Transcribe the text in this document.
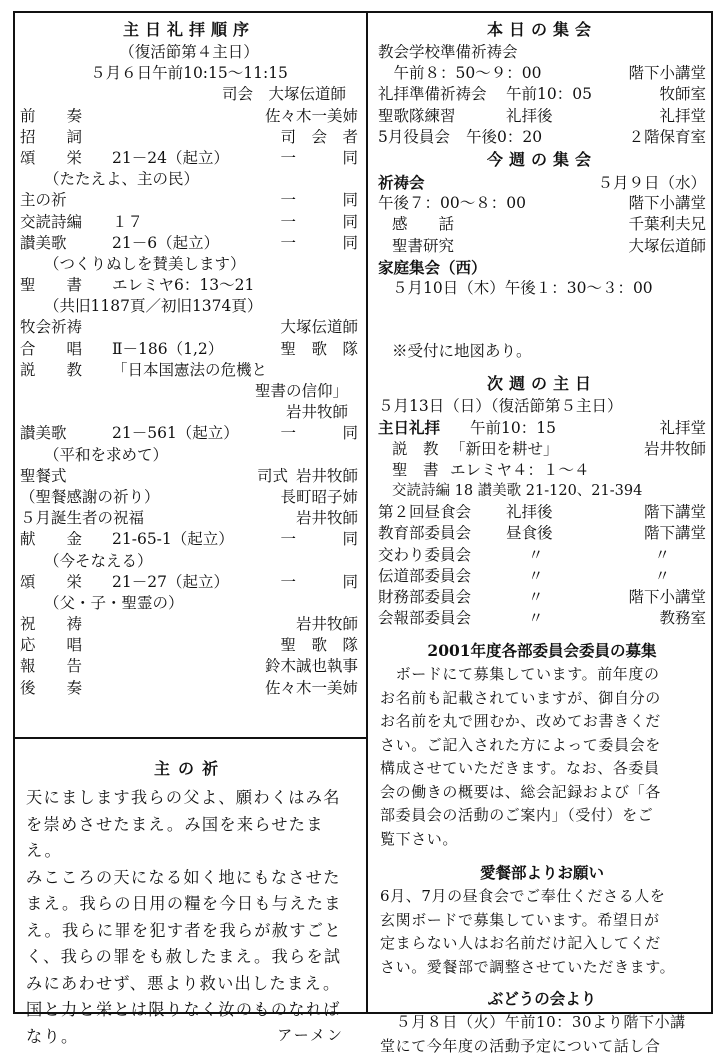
主日礼拝順序
（復活節第４主日）
５月６日午前10:15～11:15
司会　大塚伝道師
前　　奏	佐々木一美姉
招　　詞	司　会　者
頌　　栄	21－24（起立）	一　　　同
（たたえよ、主の民）
主の祈	一　　　同
交読詩編	１７	一　　　同
讃美歌	21－6（起立）	一　　　同
（つくりぬしを賛美します）
聖　　書	エレミヤ6：13～21
（共旧1187頁／初旧1374頁）
牧会祈祷	大塚伝道師
合　　唱	Ⅱ－186（1,2）	聖　歌　隊
説　　教	「日本国憲法の危機と
聖書の信仰」
岩井牧師
讃美歌	21－561（起立）	一　　　同
（平和を求めて）
聖餐式	司式 岩井牧師
（聖餐感謝の祈り）	長町昭子姉
５月誕生者の祝福	岩井牧師
献　　金	21-65-1（起立）	一　　　同
（今そなえる）
頌　　栄	21－27（起立）	一　　　同
（父・子・聖霊の）
祝　　祷	岩井牧師
応　　唱	聖　歌　隊
報　　告	鈴木誠也執事
後　　奏	佐々木一美姉
主の祈
天にまします我らの父よ、願わくはみ名
を崇めさせたまえ。み国を来らせたまえ。
みこころの天になる如く地にもなさせた
まえ。我らの日用の糧を今日も与えたま
え。我らに罪を犯す者を我らが赦すごと
く、我らの罪をも赦したまえ。我らを試
みにあわせず、悪より救い出したまえ。
国と力と栄とは限りなく汝のものなれば
なり。	アーメン
本日の集会
教会学校準備祈祷会
　午前８：50～９：00	階下小講堂
礼拝準備祈祷会	午前10：05	牧師室
聖歌隊練習	礼拝後	礼拝堂
5月役員会	午後0：20	２階保育室
今週の集会
祈祷会	５月９日（水）
午後７：00～８：00	階下小講堂
感　　話	千葉利夫兄
聖書研究	大塚伝道師
家庭集会（西）
５月10日（木）午後１：30～３：00
※受付に地図あり。
次週の主日
５月13日（日）（復活節第５主日）
主日礼拝	午前10：15	礼拝堂
説　教 「新田を耕せ」	岩井牧師
聖　書 エレミヤ４：１～４
交読詩編 18 讃美歌 21-120、21-394
第２回昼食会	礼拝後	階下講堂
教育部委員会	昼食後	階下講堂
交わり委員会	〃	〃
伝道部委員会	〃	〃
財務部委員会	〃	階下小講堂
会報部委員会	〃	教務室
2001年度各部委員会委員の募集
　ボードにて募集しています。前年度の
お名前も記載されていますが、御自分の
お名前を丸で囲むか、改めてお書きくだ
さい。ご記入された方によって委員会を
構成させていただきます。なお、各委員
会の働きの概要は、総会記録および「各
部委員会の活動のご案内」（受付）をご
覧下さい。
愛餐部よりお願い
6月、7月の昼食会でご奉仕くださる人を
玄関ボードで募集しています。希望日が
定まらない人はお名前だけ記入してくだ
さい。愛餐部で調整させていただきます。
ぶどうの会より
　５月８日（火）午前10：30より階下小講
堂にて今年度の活動予定について話し合
